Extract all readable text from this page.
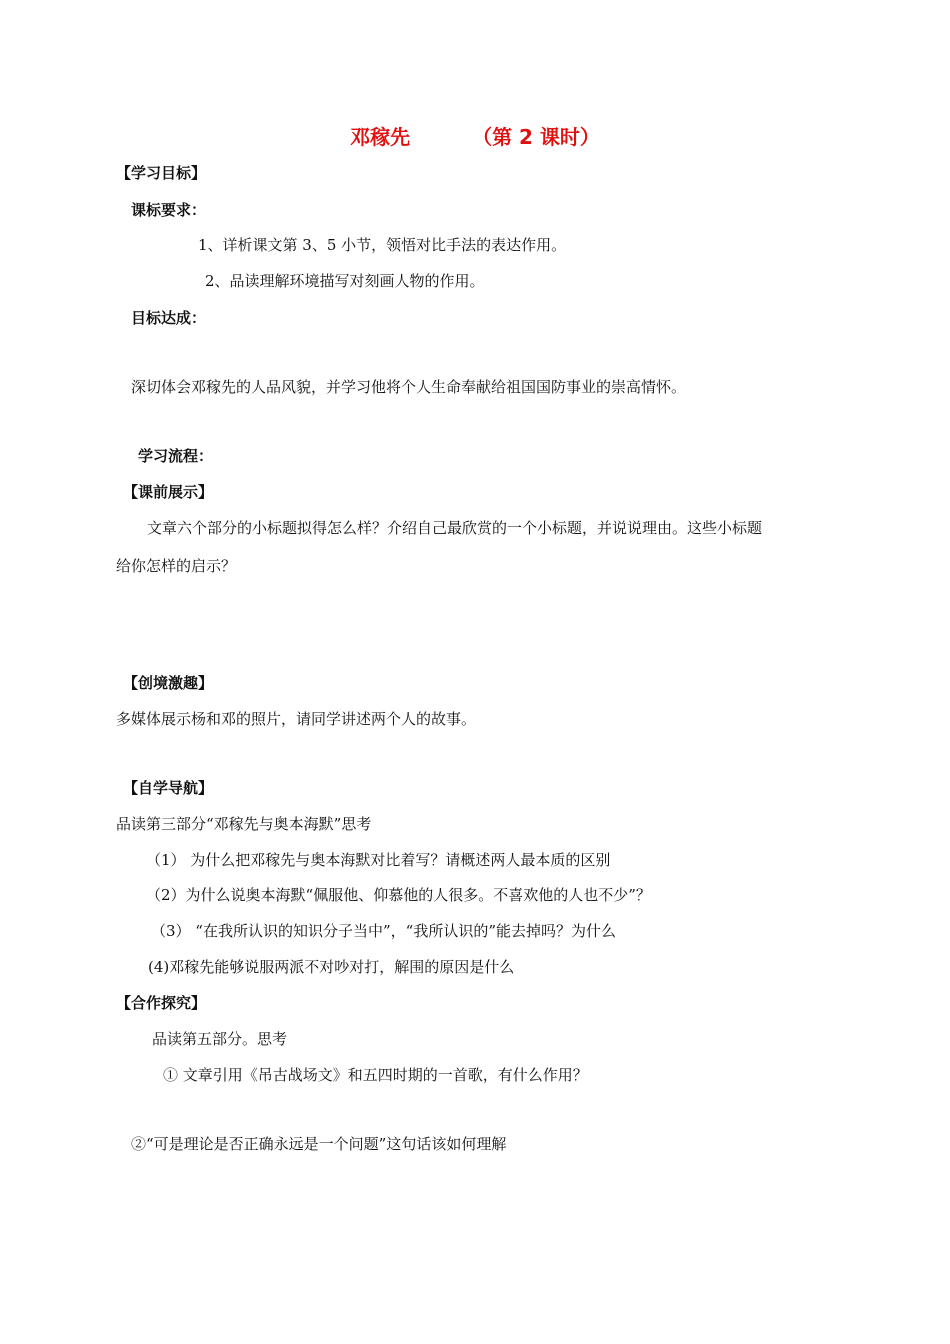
邓稼先	（第 2 课时）
【学习目标】
课标要求：
1、详析课文第 3、5 小节，领悟对比手法的表达作用。
2、品读理解环境描写对刻画人物的作用。
目标达成：
深切体会邓稼先的人品风貌，并学习他将个人生命奉献给祖国国防事业的崇高情怀。
学习流程：
【课前展示】
文章六个部分的小标题拟得怎么样？介绍自己最欣赏的一个小标题，并说说理由。这些小标题
给你怎样的启示？
【创境激趣】
多媒体展示杨和邓的照片，请同学讲述两个人的故事。
【自学导航】
品读第三部分“邓稼先与奥本海默”思考
（1） 为什么把邓稼先与奥本海默对比着写？请概述两人最本质的区别
（2）为什么说奥本海默“佩服他、仰慕他的人很多。不喜欢他的人也不少”？
（3） “在我所认识的知识分子当中”，“我所认识的”能去掉吗？为什么
(4)邓稼先能够说服两派不对吵对打，解围的原因是什么
【合作探究】
品读第五部分。思考
① 文章引用《吊古战场文》和五四时期的一首歌，有什么作用？
②“可是理论是否正确永远是一个问题”这句话该如何理解
